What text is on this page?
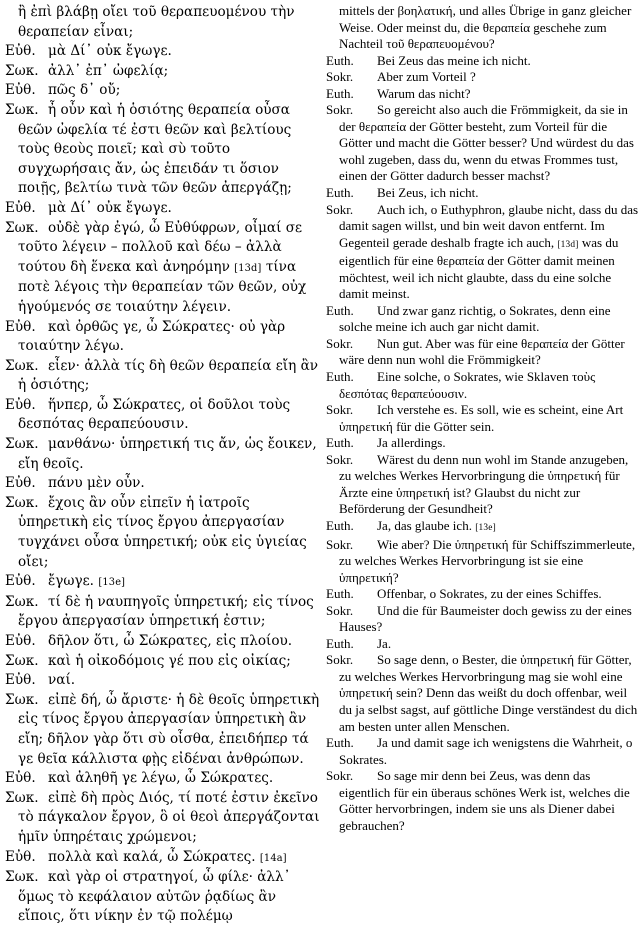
ἢ ἐπὶ βλάβῃ οἴει τοῦ θεραπευομένου τὴν θεραπείαν εἶναι;

Εὐθ. μὰ Δί᾽ οὐκ ἔγωγε.

Σωκ. ἀλλ᾽ ἐπ᾽ ὠφελίᾳ;

Εὐθ. πῶς δ᾽ οὔ;

Σωκ. ἦ οὖν καὶ ἡ ὁσιότης θεραπεία οὖσα θεῶν ὠφελία τέ ἐστι θεῶν καὶ βελτίους τοὺς θεοὺς ποιεῖ; καὶ σὺ τοῦτο συγχωρήσαις ἄν, ὡς ἐπειδάν τι ὅσιον ποιῇς, βελτίω τινὰ τῶν θεῶν ἀπεργάζῃ;

Εὐθ. μὰ Δί᾽ οὐκ ἔγωγε.

Σωκ. οὐδὲ γὰρ ἐγώ, ὦ Εὐθύφρων, οἶμαί σε τοῦτο λέγειν – πολλοῦ καὶ δέω – ἀλλὰ τούτου δὴ ἕνεκα καὶ ἀνηρόμην [13d] τίνα ποτὲ λέγοις τὴν θεραπείαν τῶν θεῶν, οὐχ ἡγούμενός σε τοιαύτην λέγειν.

Εὐθ. καὶ ὀρθῶς γε, ὦ Σώκρατες· οὐ γὰρ τοιαύτην λέγω.

Σωκ. εἶεν· ἀλλὰ τίς δὴ θεῶν θεραπεία εἴη ἂν ἡ ὁσιότης;

Εὐθ. ἥνπερ, ὦ Σώκρατες, οἱ δοῦλοι τοὺς δεσπότας θεραπεύουσιν.

Σωκ. μανθάνω· ὑπηρετική τις ἄν, ὡς ἔοικεν, εἴη θεοῖς.

Εὐθ. πάνυ μὲν οὖν.

Σωκ. ἔχοις ἂν οὖν εἰπεῖν ἡ ἰατροῖς ὑπηρετικὴ εἰς τίνος ἔργου ἀπεργασίαν τυγχάνει οὖσα ὑπηρετική; οὐκ εἰς ὑγιείας οἴει;

Εὐθ. ἔγωγε. [13e]

Σωκ. τί δὲ ἡ ναυπηγοῖς ὑπηρετική; εἰς τίνος ἔργου ἀπεργασίαν ὑπηρετική ἐστιν;

Εὐθ. δῆλον ὅτι, ὦ Σώκρατες, εἰς πλοίου.

Σωκ. καὶ ἡ οἰκοδόμοις γέ που εἰς οἰκίας;

Εὐθ. ναί.

Σωκ. εἰπὲ δή, ὦ ἄριστε· ἡ δὲ θεοῖς ὑπηρετικὴ εἰς τίνος ἔργου ἀπεργασίαν ὑπηρετικὴ ἂν εἴη; δῆλον γὰρ ὅτι σὺ οἶσθα, ἐπειδήπερ τά γε θεῖα κάλλιστα φῂς εἰδέναι ἀνθρώπων.

Εὐθ. καὶ ἀληθῆ γε λέγω, ὦ Σώκρατες.

Σωκ. εἰπὲ δὴ πρὸς Διός, τί ποτέ ἐστιν ἐκεῖνο τὸ πάγκαλον ἔργον, ὃ οἱ θεοὶ ἀπεργάζονται ἡμῖν ὑπηρέταις χρώμενοι;

Εὐθ. πολλὰ καὶ καλά, ὦ Σώκρατες. [14a]

Σωκ. καὶ γὰρ οἱ στρατηγοί, ὦ φίλε· ἀλλ᾽ ὅμως τὸ κεφάλαιον αὐτῶν ῥᾳδίως ἂν εἴποις, ὅτι νίκην ἐν τῷ πολέμῳ

mittels der βοηλατική, und alles Übrige in ganz gleicher Weise. Oder meinst du, die θεραπεία geschehe zum Nachteil τοῦ θεραπευομένου?

Euth. Bei Zeus das meine ich nicht.

Sokr. Aber zum Vorteil ?

Euth. Warum das nicht?

Sokr. So gereicht also auch die Frömmigkeit, da sie in der θεραπεία der Götter besteht, zum Vorteil für die Götter und macht die Götter besser? Und würdest du das wohl zugeben, dass du, wenn du etwas Frommes tust, einen der Götter dadurch besser machst?

Euth. Bei Zeus, ich nicht.

Sokr. Auch ich, o Euthyphron, glaube nicht, dass du das damit sagen willst, und bin weit davon entfernt. Im Gegenteil gerade deshalb fragte ich auch, [13d] was du eigentlich für eine θεραπεία der Götter damit meinen möchtest, weil ich nicht glaubte, dass du eine solche damit meinst.

Euth. Und zwar ganz richtig, o Sokrates, denn eine solche meine ich auch gar nicht damit.

Sokr. Nun gut. Aber was für eine θεραπεία der Götter wäre denn nun wohl die Frömmigkeit?

Euth. Eine solche, o Sokrates, wie Sklaven τοὺς δεσπότας θεραπεύουσιν.

Sokr. Ich verstehe es. Es soll, wie es scheint, eine Art ὑπηρετική für die Götter sein.

Euth. Ja allerdings.

Sokr. Wärest du denn nun wohl im Stande anzugeben, zu welches Werkes Hervorbringung die ὑπηρετική für Ärzte eine ὑπηρετική ist? Glaubst du nicht zur Beförderung der Gesundheit?

Euth. Ja, das glaube ich. [13e]

Sokr. Wie aber? Die ὑπηρετική für Schiffszimmerleute, zu welches Werkes Hervorbringung ist sie eine ὑπηρετική?

Euth. Offenbar, o Sokrates, zu der eines Schiffes.

Sokr. Und die für Baumeister doch gewiss zu der eines Hauses?

Euth. Ja.

Sokr. So sage denn, o Bester, die ὑπηρετική für Götter, zu welches Werkes Hervorbringung mag sie wohl eine ὑπηρετική sein? Denn das weißt du doch offenbar, weil du ja selbst sagst, auf göttliche Dinge verständest du dich am besten unter allen Menschen.

Euth. Ja und damit sage ich wenigstens die Wahrheit, o Sokrates.

Sokr. So sage mir denn bei Zeus, was denn das eigentlich für ein überaus schönes Werk ist, welches die Götter hervorbringen, indem sie uns als Diener dabei gebrauchen?
